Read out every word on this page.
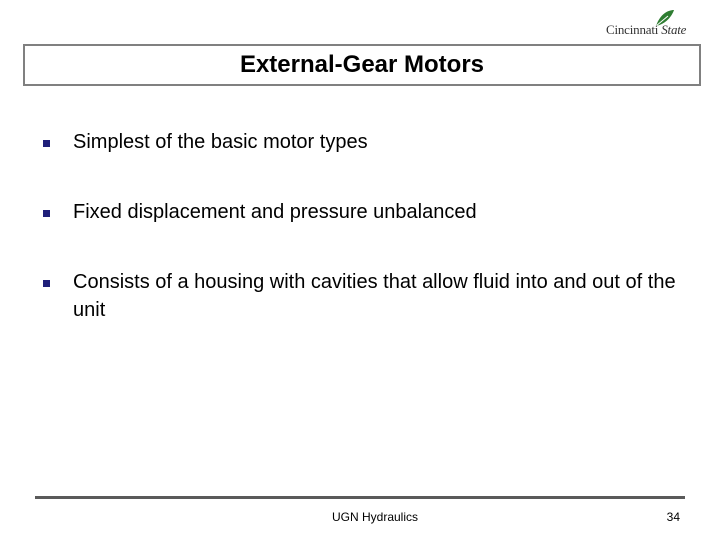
Cincinnati State
External-Gear Motors
Simplest of the basic motor types
Fixed displacement and pressure unbalanced
Consists of a housing with cavities that allow fluid into and out of the unit
UGN Hydraulics	34
